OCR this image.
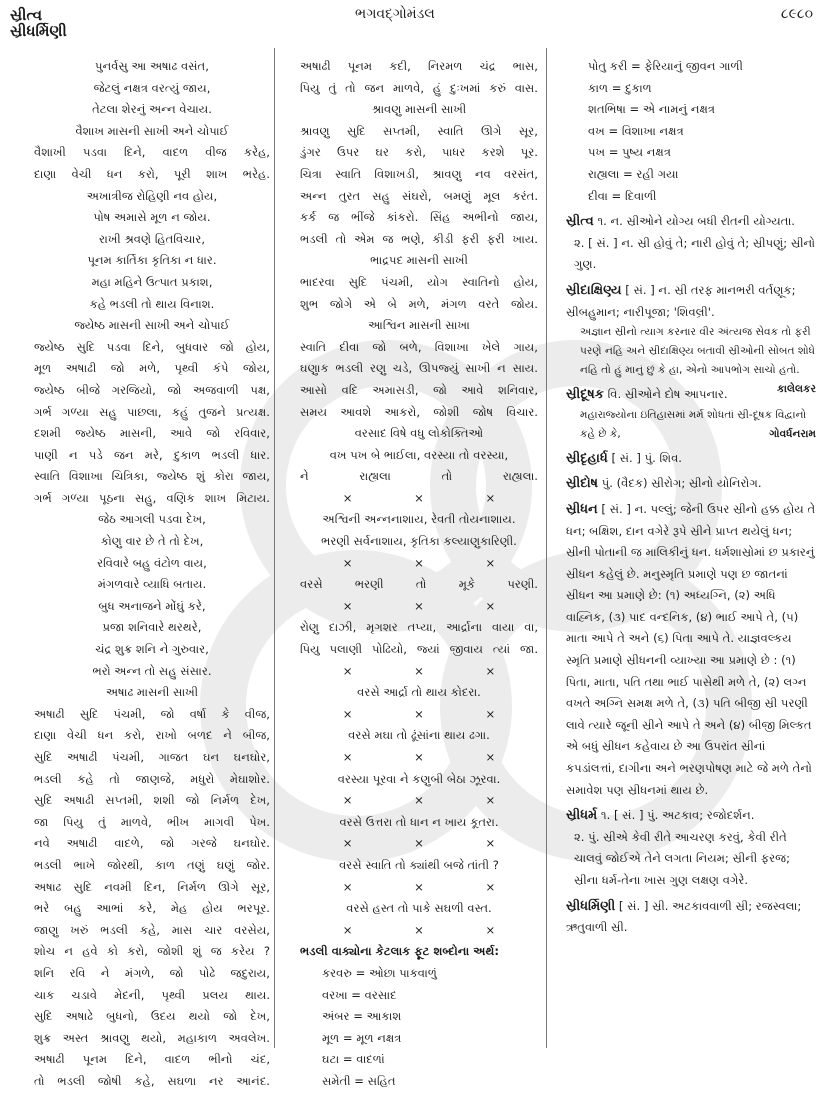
સ્રીત્વ
સ્રીધર્મિણી
ભગવદ્ગોમંડલ	૮૯૮૦
પુનર્વસુ આ અષાઢ વસંત,
જેટલું નક્ષત્ર વરત્યું જાય,
તેટલા શેરનું અન્ન વેચાય.
વૈશાખ માસની સાખી અને ચોપાઈ
વૈશાખી પડવા દિને, વાદળ વીજ કરેહ,
દાણા વેચી ધન કરો, પૂરી શાખ ભરેહ.
અખાત્રીજ રોહિણી નવ હોય,
પોષ અમાસે મૂળ ન જોય.
રાખી શ્રવણે હિતવિચાર,
પૂનમ કાર્તિકા કૃતિકા ન ધાર.
મહા મહિને ઉત્પાત પ્રકાશ,
કહે ભડલી તો થાય વિનાશ.
જ્યેષ્ઠ માસની સાખી અને ચોપાઈ
જ્યેષ્ઠ સુદિ પડવા દિને, બુધવાર જો હોય,
મૂળ અષાઢી જો મળે, પૃથ્વી કંપે જોય,
જ્યેષ્ઠ બીજે ગરજિયો, જો અજવાળી પક્ષ,
ગર્ભ ગળ્યા સહુ પાછલા, કહું તુજને પ્રત્યક્ષ.
દશમી જ્યેષ્ઠ માસની, આવે જો રવિવાર,
પાણી ન પડે જન મરે, દુકાળ ભડલી ધાર.
સ્વાતિ વિશાખા ચિત્રિકા, જ્યેષ્ઠ શું કોરા જાય,
ગર્ભ ગળ્યા પૂઠના સહુ, વણિક શાખ મિટાય.
જેઠ આગલી પડવા દેખ,
કોણુ વાર છે તે તો દેખ,
રવિવારે બહુ વંટોળ વાય,
મંગળવારે વ્યાધિ બતાય.
બુધ અનાજને મોંઘું કરે,
પ્રજા શનિવારે થરથરે,
ચંદ્ર શુક્ર શનિ ને ગુરુવાર,
ભરો અન્ન તો સહુ સંસાર.
અષાઢ માસની સાખી
અષાઢી સુદિ પંચમી, જો વર્ષા કે વીજ,
દાણા વેચી ધન કરો, રાખો બળદ ને બીજ,
સુદિ અષાઢી પંચમી, ગાજત ઘન ઘનઘોર,
ભડલી કહે તો જાણજે, મધુરો મેઘાશોર.
સુદિ અષાઢી સપ્તમી, શશી જો નિર્મળ દેખ,
જા પિયુ તું માળવે, ભીખ માગવી પેખ.
નવે અષાઢી વાદળે, જો ગરજે ઘનઘોર.
ભડલી ભાખે જોરથી, કાળ તણું ઘણું જોર.
અષાઢ સુદિ નવમી દિન, નિર્મળ ઊગે સૂર,
ભરે બહુ આભાં કરે, મેહ હોય ભરપૂર.
જાણુ ખરું ભડલી કહે, માસ ચાર વરસેય,
શોચ ન હવે કો કરો, જોશી શું જ કરેય ?
શનિ રવિ ને મંગળે, જો પોઢે જદુરાય,
ચાક ચડાવે મેદની, પૃથ્વી પ્રલય થાય.
સુદિ અષાઢે બુધનો, ઉદય થયો જો દેખ,
શુક્ર અસ્ત શ્રાવણુ થયો, મહાકાળ અવલેખ.
અષાઢી પૂનમ દિને, વાદળ ભીનો ચંદ,
તો ભડલી જોષી કહે, સઘળા નર આનંદ.
અષાઢી પૂનમ કદી, નિરમળ ચંદ્ર ભાસ,
પિયુ તું તો જન માળવે, હું દુઃખમાં કરું વાસ.
શ્રાવણુ માસની સાખી
શ્રાવણુ સુદિ સપ્તમી, સ્વાતિ ઊગે સૂર,
ડુંગર ઉપર ઘર કરો, પાધર કરશે પૂર.
ચિત્રા સ્વાતિ વિશાખડી, શ્રાવણુ નવ વરસંત,
અન્ન તુરત સહુ સંઘરો, બમણું મૂલ કરંત.
કર્ક જ ભીંજે કાંકરો. સિંહ અભીનો જાય,
ભડલી તો એમ જ ભણે, કીડી ફરી ફરી ખાય.
ભાદ્રપદ માસની સાખી
ભાદરવા સુદિ પંચમી, યોગ સ્વાતિનો હોય,
શુભ જોગે એ બે મળે, મંગળ વરતે જોય.
આશ્વિન માસની સાખા
સ્વાતિ દીવા જો બળે, વિશાખા ખેલે ગાય,
ઘણુાક ભડલી રણુ ચડે, ઊપજ્યું સાખી ન સાય.
આસો વદિ અમાસડી, જો આવે શનિવાર,
સમય આવશે આકરો, જોશી જોષ વિચાર.
વરસાદ વિષે વધુ લોકોક્તિઓ
વખ પખ બે ભાઈલા, વરસ્યા તો વરસ્યા,
ને રાહ્યલા તો રાહ્યલા.
×	×	×
અશ્વિની અન્નનાશાય, રેવતી તોયનાશાય.
ભરણી સર્વનાશાય, કૃતિકા કલ્યાણુકારિણી.
×	×	×
વરસે ભરણી તો મૂકે પરણી.
×	×	×
રોણુ દાઝી, મૃગશર તપ્યા, આર્દ્રાના વાયા વા,
પિયુ પલાણી પોઢિયો, જ્યાં જીવાય ત્યાં જા.
×	×	×
વરસે આર્દ્રા તો થાય કોદરા.
×	×	×
વરસે મઘા તો ઢૂંસાંના થાય ઢગા.
×	×	×
વરસ્યા પૂરવા ને કણુબી બેઠા ઝૂરવા.
×	×	×
વરસે ઉત્તરા તો ધાન ન ખાય કૂતરા.
×	×	×
વરસે સ્વાતિ તો ક્યાંથી બજે તાંતી ?
×	×	×
વરસે હસ્ત તો પાકે સઘળી વસ્ત.
×	×	×
ભડલી વાક્યોના કેટલાક ફૂટ શબ્દોના અર્થ:
કરવરુ = ઓછા પાકવાળું
વરખા = વરસાદ
અંબર = આકાશ
મૂળ = મૂળ નક્ષત્ર
ઘટા = વાદળાં
સમેતી = સહિત
પોતુ કરી = ફેરિયાનું જીવન ગાળી
કાળ = દુકાળ
શતભિષા = એ નામનું નક્ષત્ર
વખ = વિશાખા નક્ષત્ર
પખ = પુષ્ય નક્ષત્ર
રાહ્યલા = રહી ગયા
દીવા = દિવાળી
સ્રીત્વ ૧. ન. સ્રીઓને યોગ્ય બધી રીતની યોગ્યતા.
૨. [ સં. ] ન. સ્રી હોવું તે; નારી હોવું તે; સ્રીપણું; સ્રીનો ગુણ.
સ્રીદાક્ષિણ્ય [ સં. ] ન. સ્રી તરફ માનભરી વર્તણૂક; સ્રીબહુમાન; નારીપૂજા; 'શિવલ્રી'.
અજ્ઞાન સ્રીનો ત્યાગ કરનાર વીર અંત્યજ સેવક તો ફરી પરણે નહિ અને સ્રીદાક્ષિણ્ય બતાવી સ્રીઓની સોબત શોધે નહિ તો હું માનું છું કે હા, એનો આપભોગ સાચો હતો.
કાલેલકર
સ્રીદૂષક વિ. સ્રીઓને દોષ આપનાર.
મહારાજ્યોના ઇતિહાસમાં મર્મ શોધતાં સ્રી-દૂષક વિદ્વાનો કહે છે કે,	ગોવર્ધનરામ
સ્રીદૃહાર્ધ [ સં. ] પું. શિવ.
સ્રીદોષ પું. (વૈદક) સ્રીરોગ; સ્રીનો યોનિરોગ.
સ્રીધન [ સં. ] ન. પલ્લું; જેની ઉપર સ્રીનો હક્ક હોય તે ધન; બક્ષિશ, દાન વગેરે રૂપે સ્રીને પ્રાપ્ત થયેલું ધન; સ્રીની પોતાની જ માલિકીનું ધન. ધર્મશાસ્રોમાં છ પ્રકારનું સ્રીધન કહેલું છે. મનુસ્મૃતિ પ્રમાણે પણ છ જાતનાં સ્રીધન આ પ્રમાણે છે: (૧) અધ્યગ્નિ, (૨) અધિ વાહ્નિક, (૩) પાદ વન્દનિક, (૪) ભાઈ આપે તે, (૫) માતા આપે તે અને (૬) પિતા આપે તે. યાજ્ઞવલ્કય સ્મૃતિ પ્રમાણે સ્રીધનની વ્યાખ્યા આ પ્રમાણે છે : (૧) પિતા, માતા, પતિ તથા ભાઈ પાસેથી મળે તે, (૨) લગ્ન વખતે અગ્નિ સમક્ષ મળે તે, (૩) પતિ બીજી સ્રી પરણી લાવે ત્યારે જૂની સ્રીને આપે તે અને (૪) બીજી મિલ્કત એ બધું સ્રીધન કહેવાય છે આ ઉપરાંત સ્રીનાં કપડાંલત્તાં, દાગીના અને ભરણપોષણ માટે જે મળે તેનો સમાવેશ પણ સ્રીધનમાં થાય છે.
સ્રીધર્મ ૧. [ સં. ] પું. અટકાવ; રજોદર્શન.
૨. પું. સ્રીએ કેવી રીતે આચરણ કરવું, કેવી રીતે ચાલવું જોઈએ તેને લગતા નિયમ; સ્રીની ફરજ; સ્રીના ધર્મ-તેના ખાસ ગુણ લક્ષણ વગેરે.
સ્રીધર્મિણી [ સં. ] સ્રી. અટકાવવાળી સ્રી; રજસ્વલા; ઋતુવાળી સ્રી.
